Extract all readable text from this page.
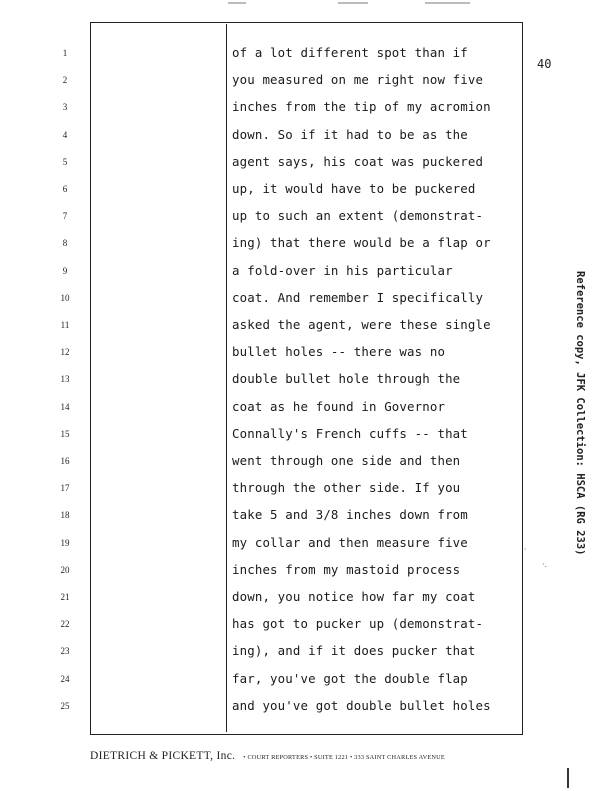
1
2
3
4
5
6
7
8
9
10
11
12
13
14
15
16
17
18
19
20
21
22
23
24
25
of a lot different spot than if
you measured on me right now five
inches from the tip of my acromion
down. So if it had to be as the
agent says, his coat was puckered
up, it would have to be puckered
up to such an extent (demonstrat-
ing) that there would be a flap or
a fold-over in his particular
coat. And remember I specifically
asked the agent, were these single
bullet holes -- there was no
double bullet hole through the
coat as he found in Governor
Connally's French cuffs -- that
went through one side and then
through the other side. If you
take 5 and 3/8 inches down from
my collar and then measure five
inches from my mastoid process
down, you notice how far my coat
has got to pucker up (demonstrat-
ing), and if it does pucker that
far, you've got the double flap
and you've got double bullet holes
40
Reference copy, JFK Collection: HSCA (RG 233)
·
·.
DIETRICH & PICKETT, Inc. • COURT REPORTERS • SUITE 1221 • 333 SAINT CHARLES AVENUE
